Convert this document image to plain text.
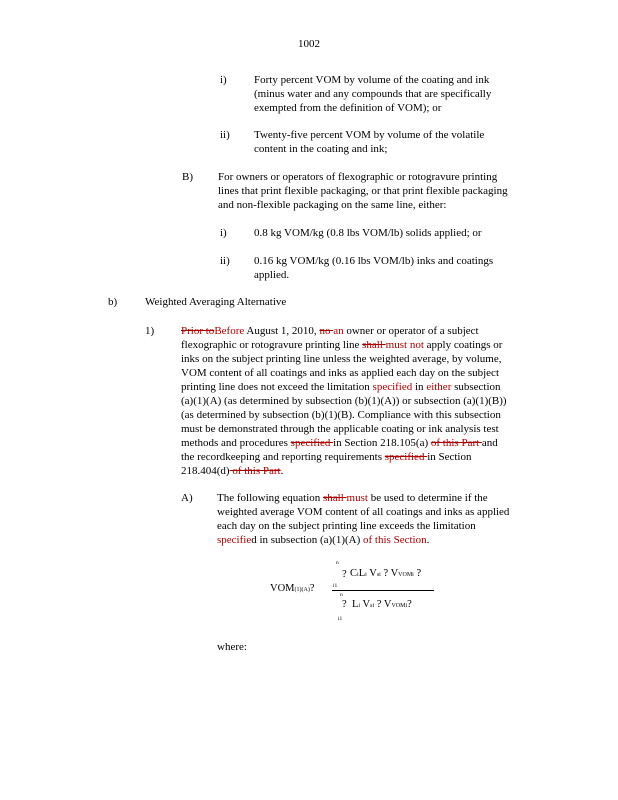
1002
i) Forty percent VOM by volume of the coating and ink
(minus water and any compounds that are specifically
exempted from the definition of VOM); or
ii) Twenty-five percent VOM by volume of the volatile
content in the coating and ink;
B) For owners or operators of flexographic or rotogravure printing
lines that print flexible packaging, or that print flexible packaging
and non-flexible packaging on the same line, either:
i) 0.8 kg VOM/kg (0.8 lbs VOM/lb) solids applied; or
ii) 0.16 kg VOM/kg (0.16 lbs VOM/lb) inks and coatings
applied.
b)	Weighted Averaging Alternative
1) Prior toBefore August 1, 2010, no an owner or operator of a subject
flexographic or rotogravure printing line shall must not apply coatings or
inks on the subject printing line unless the weighted average, by volume,
VOM content of all coatings and inks as applied each day on the subject
printing line does not exceed the limitation specified in either subsection
(a)(1)(A) (as determined by subsection (b)(1)(A)) or subsection (a)(1)(B))
(as determined by subsection (b)(1)(B). Compliance with this subsection
must be demonstrated through the applicable coating or ink analysis test
methods and procedures specified in Section 218.105(a) of this Part and
the recordkeeping and reporting requirements specified in Section
218.404(d) of this Part.
A) The following equation shall must be used to determine if the
weighted average VOM content of all coatings and inks as applied
each day on the subject printing line exceeds the limitation
specified in subsection (a)(1)(A) of this Section.
VOM(1)(A)?
n
?
i1
CiLi Vsi ? VVOMi ?
n
?
i1
Li Vsi ? VVOMi?
where:
